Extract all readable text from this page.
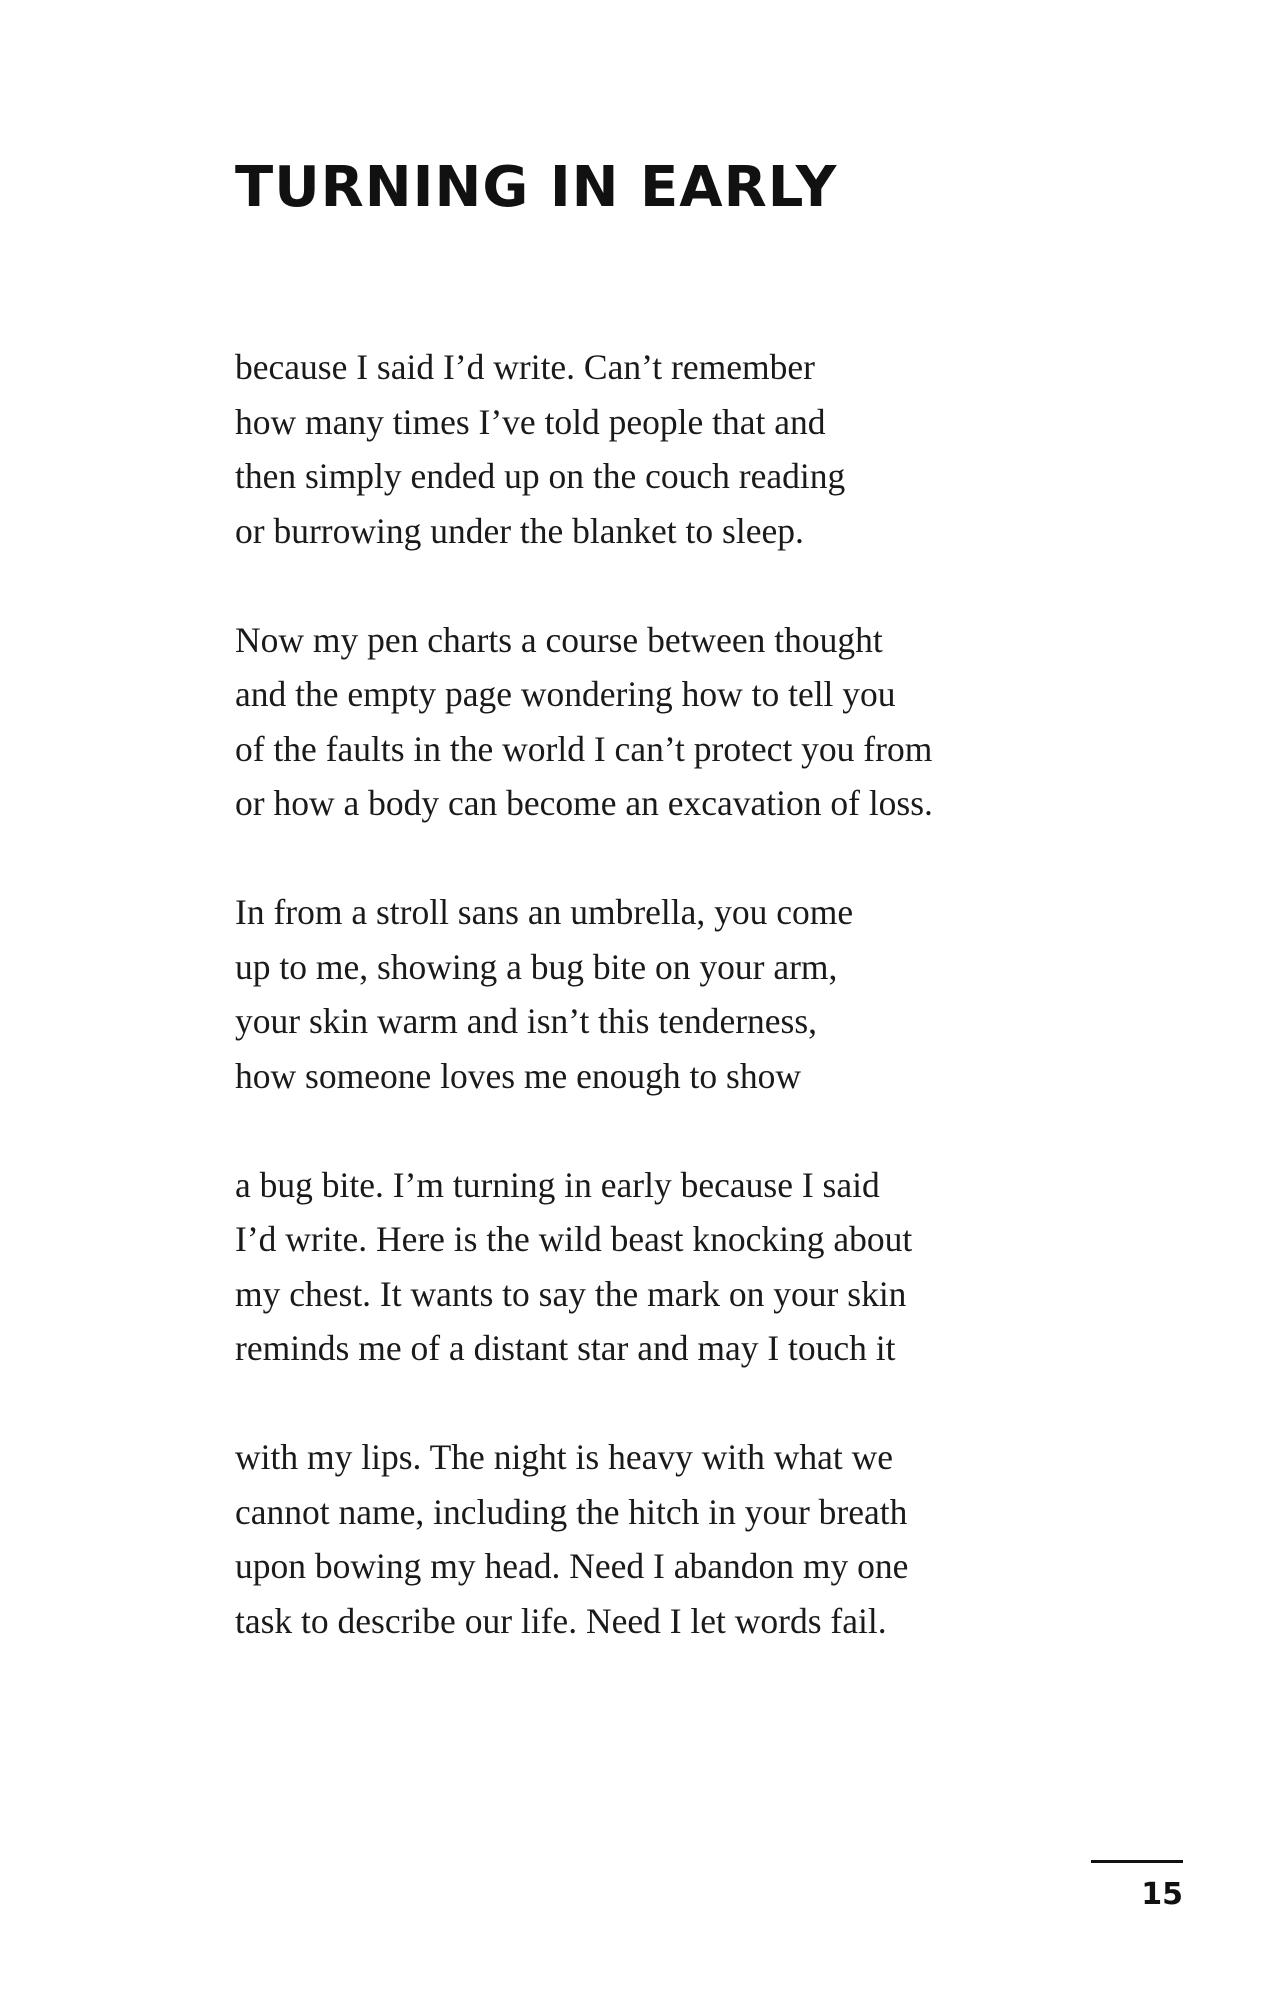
TURNING IN EARLY

because I said I’d write. Can’t remember
how many times I’ve told people that and
then simply ended up on the couch reading
or burrowing under the blanket to sleep.

Now my pen charts a course between thought
and the empty page wondering how to tell you
of the faults in the world I can’t protect you from
or how a body can become an excavation of loss.

In from a stroll sans an umbrella, you come
up to me, showing a bug bite on your arm,
your skin warm and isn’t this tenderness,
how someone loves me enough to show

a bug bite. I’m turning in early because I said
I’d write. Here is the wild beast knocking about
my chest. It wants to say the mark on your skin
reminds me of a distant star and may I touch it

with my lips. The night is heavy with what we
cannot name, including the hitch in your breath
upon bowing my head. Need I abandon my one
task to describe our life. Need I let words fail.

15
